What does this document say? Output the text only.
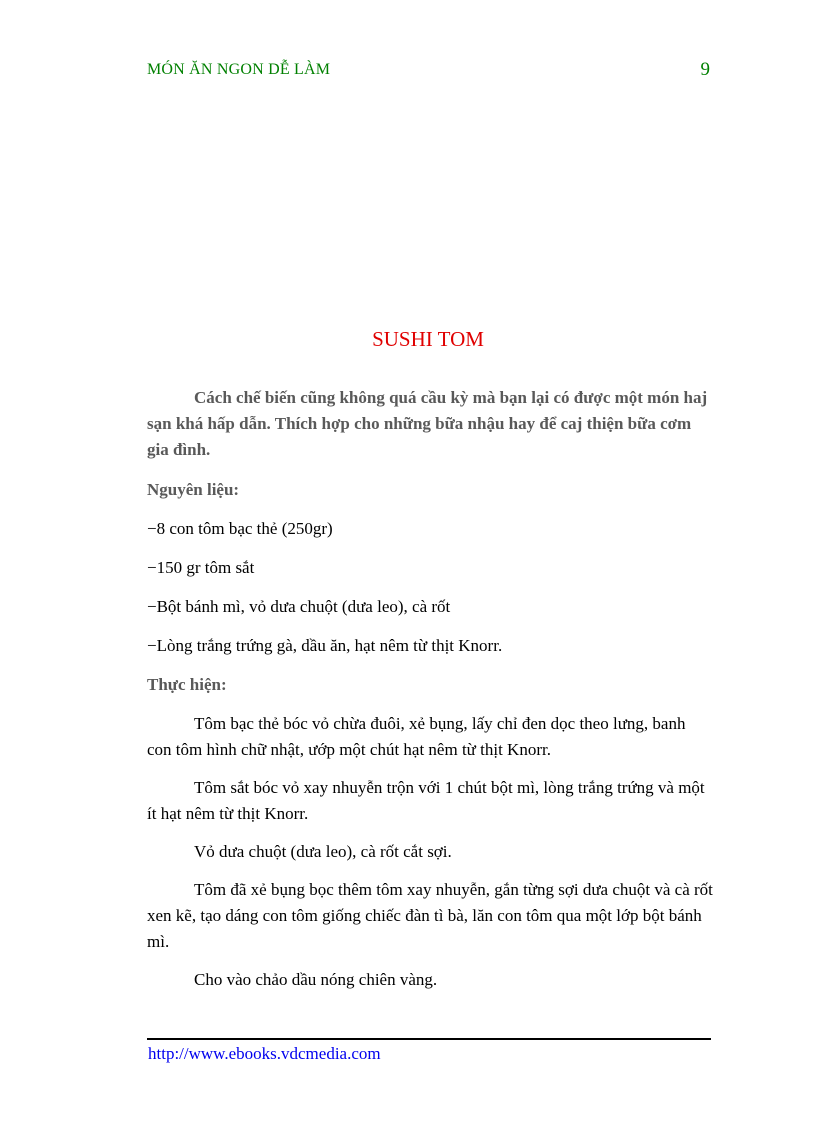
MÓN ĂN NGON DỄ LÀM	9
SUSHI TOM

Cách chế biến cũng không quá cầu kỳ mà bạn lại có được một món haj sạn khá hấp dẫn. Thích hợp cho những bữa nhậu hay để caj thiện bữa cơm gia đình.

Nguyên liệu:

−8 con tôm bạc thẻ (250gr)

−150 gr tôm sắt

−Bột bánh mì, vỏ dưa chuột (dưa leo), cà rốt

−Lòng trắng trứng gà, dầu ăn, hạt nêm từ thịt Knorr.

Thực hiện:

Tôm bạc thẻ bóc vỏ chừa đuôi, xẻ bụng, lấy chỉ đen dọc theo lưng, banh con tôm hình chữ nhật, ướp một chút hạt nêm từ thịt Knorr.

Tôm sắt bóc vỏ xay nhuyễn trộn với 1 chút bột mì, lòng trắng trứng và một ít hạt nêm từ thịt Knorr.

Vỏ dưa chuột (dưa leo), cà rốt cắt sợi.

Tôm đã xẻ bụng bọc thêm tôm xay nhuyễn, gắn từng sợi dưa chuột và cà rốt xen kẽ, tạo dáng con tôm giống chiếc đàn tì bà, lăn con tôm qua một lớp bột bánh mì.

Cho vào chảo dầu nóng chiên vàng.

http://www.ebooks.vdcmedia.com
